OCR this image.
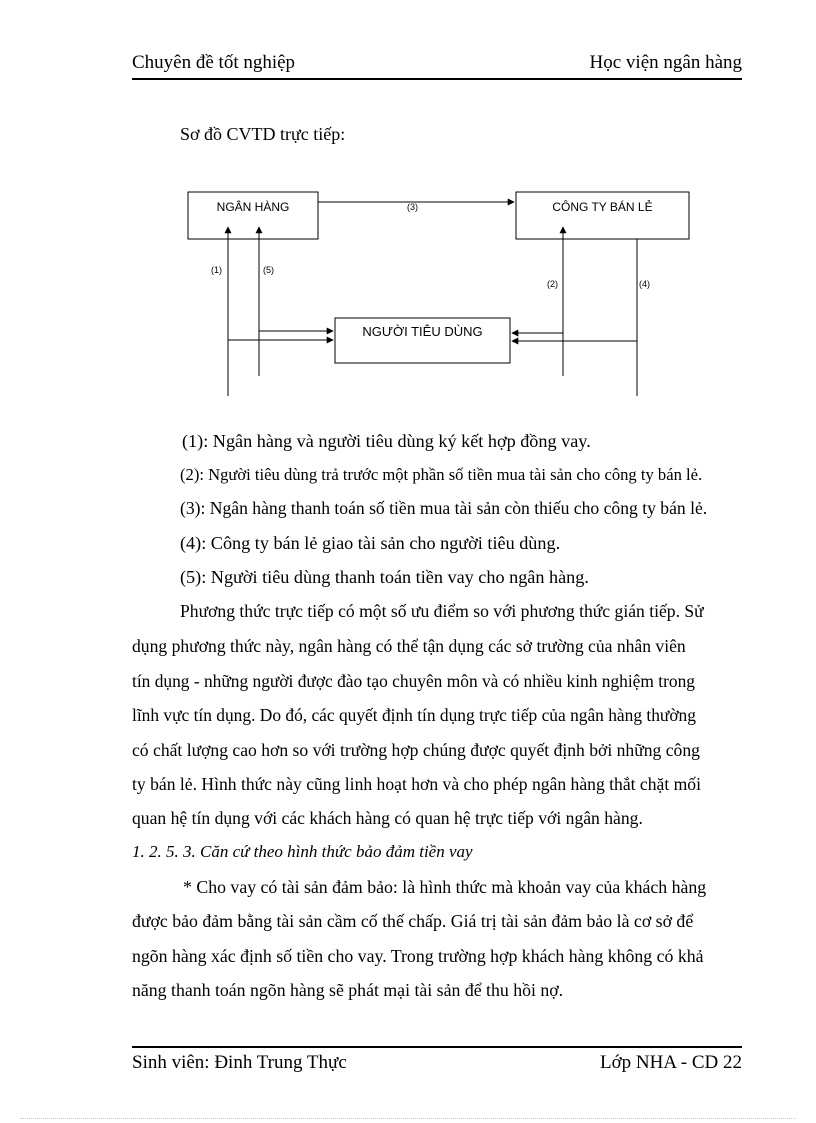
Chuyên đề tốt nghiệp	Học viện ngân hàng
Sơ đồ CVTD trực tiếp:
NGÂN HÀNG	CÔNG TY BÁN LẺ
NGƯỜI TIÊU DÙNG
(1)
(2)
(3)
(4)
(5)
(1): Ngân hàng và người tiêu dùng ký kết hợp đồng vay.
(2): Người tiêu dùng trả trước một phần số tiền mua tài sản cho công ty bán lẻ.
(3): Ngân hàng thanh toán số tiền mua tài sản còn thiếu cho công ty bán lẻ.
(4): Công ty bán lẻ giao tài sản cho người tiêu dùng.
(5): Người tiêu dùng thanh toán tiền vay cho ngân hàng.
Phương thức trực tiếp có một số ưu điểm so với phương thức gián tiếp. Sử
dụng phương thức này, ngân hàng có thể tận dụng các sở trường của nhân viên
tín dụng - những người được đào tạo chuyên môn và có nhiều kinh nghiệm trong
lĩnh vực tín dụng. Do đó, các quyết định tín dụng trực tiếp của ngân hàng thường
có chất lượng cao hơn so với trường hợp chúng được quyết định bởi những công
ty bán lẻ. Hình thức này cũng linh hoạt hơn và cho phép ngân hàng thắt chặt mối
quan hệ tín dụng với các khách hàng có quan hệ trực tiếp với ngân hàng.
1. 2. 5. 3. Căn cứ theo hình thức bảo đảm tiền vay
* Cho vay có tài sản đảm bảo: là hình thức mà khoản vay của khách hàng
được bảo đảm bằng tài sản cầm cố thế chấp. Giá trị tài sản đảm bảo là cơ sở để
ngõn hàng xác định số tiền cho vay. Trong trường hợp khách hàng không có khả
năng thanh toán ngõn hàng sẽ phát mại tài sản để thu hồi nợ.
Sinh viên: Đinh Trung Thực	Lớp NHA - CD 22
